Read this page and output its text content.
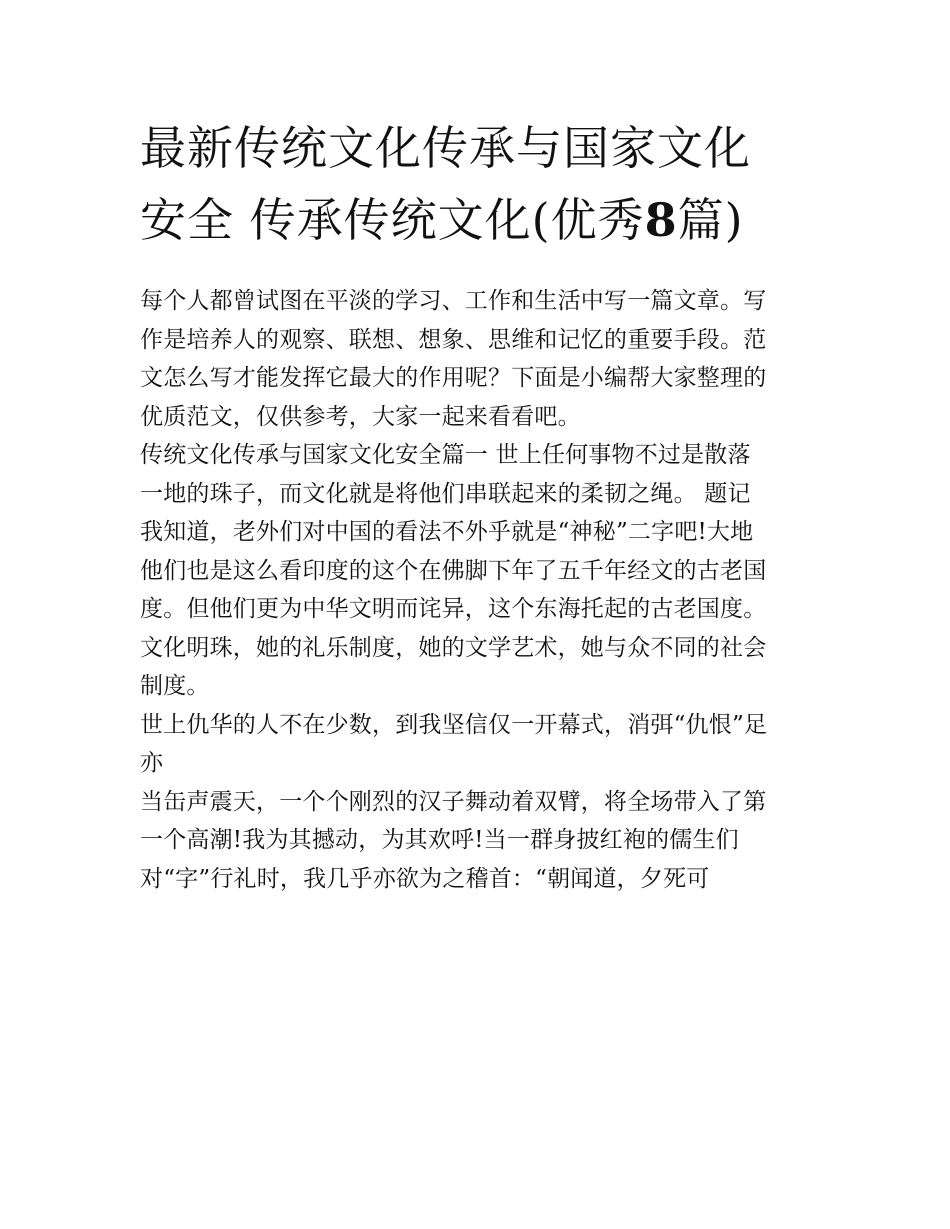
最新传统文化传承与国家文化
安全 传承传统文化(优秀8篇)
每个人都曾试图在平淡的学习、工作和生活中写一篇文章。写
作是培养人的观察、联想、想象、思维和记忆的重要手段。范
文怎么写才能发挥它最大的作用呢？下面是小编帮大家整理的
优质范文，仅供参考，大家一起来看看吧。
传统文化传承与国家文化安全篇一 世上任何事物不过是散落
一地的珠子，而文化就是将他们串联起来的柔韧之绳。 题记
我知道，老外们对中国的看法不外乎就是“神秘”二字吧!大地
他们也是这么看印度的这个在佛脚下年了五千年经文的古老国
度。但他们更为中华文明而诧异，这个东海托起的古老国度。
文化明珠，她的礼乐制度，她的文学艺术，她与众不同的社会
制度。
世上仇华的人不在少数，到我坚信仅一开幕式，消弭“仇恨”足
亦
当缶声震天，一个个刚烈的汉子舞动着双臂，将全场带入了第
一个高潮!我为其撼动，为其欢呼!当一群身披红袍的儒生们
对“字”行礼时，我几乎亦欲为之稽首：“朝闻道，夕死可
